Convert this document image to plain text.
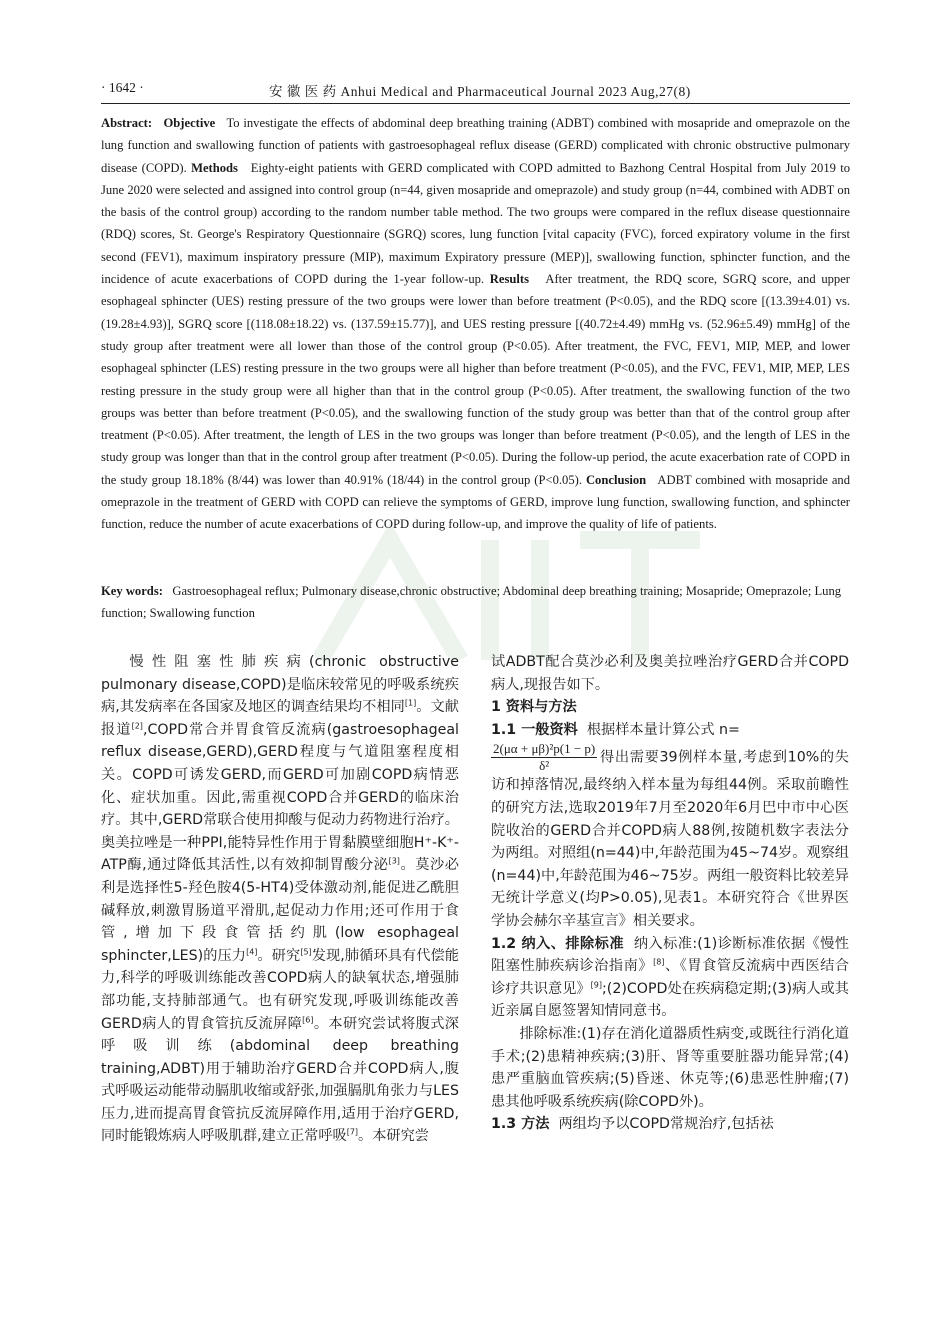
· 1642 ·	安 徽 医 药 Anhui Medical and Pharmaceutical Journal 2023 Aug,27(8)
Abstract: Objective To investigate the effects of abdominal deep breathing training (ADBT) combined with mosapride and omeprazole on the lung function and swallowing function of patients with gastroesophageal reflux disease (GERD) complicated with chronic obstructive pulmonary disease (COPD). Methods Eighty-eight patients with GERD complicated with COPD admitted to Bazhong Central Hospital from July 2019 to June 2020 were selected and assigned into control group (n=44, given mosapride and omeprazole) and study group (n=44, combined with ADBT on the basis of the control group) according to the random number table method. The two groups were compared in the reflux disease questionnaire (RDQ) scores, St. George's Respiratory Questionnaire (SGRQ) scores, lung function [vital capacity (FVC), forced expiratory volume in the first second (FEV1), maximum inspiratory pressure (MIP), maximum Expiratory pressure (MEP)], swallowing function, sphincter function, and the incidence of acute exacerbations of COPD during the 1-year follow-up. Results After treatment, the RDQ score, SGRQ score, and upper esophageal sphincter (UES) resting pressure of the two groups were lower than before treatment (P<0.05), and the RDQ score [(13.39±4.01) vs. (19.28±4.93)], SGRQ score [(118.08±18.22) vs. (137.59±15.77)], and UES resting pressure [(40.72±4.49) mmHg vs. (52.96±5.49) mmHg] of the study group after treatment were all lower than those of the control group (P<0.05). After treatment, the FVC, FEV1, MIP, MEP, and lower esophageal sphincter (LES) resting pressure in the two groups were all higher than before treatment (P<0.05), and the FVC, FEV1, MIP, MEP, LES resting pressure in the study group were all higher than that in the control group (P<0.05). After treatment, the swallowing function of the two groups was better than before treatment (P<0.05), and the swallowing function of the study group was better than that of the control group after treatment (P<0.05). After treatment, the length of LES in the two groups was longer than before treatment (P<0.05), and the length of LES in the study group was longer than that in the control group after treatment (P<0.05). During the follow-up period, the acute exacerbation rate of COPD in the study group 18.18% (8/44) was lower than 40.91% (18/44) in the control group (P<0.05). Conclusion ADBT combined with mosapride and omeprazole in the treatment of GERD with COPD can relieve the symptoms of GERD, improve lung function, swallowing function, and sphincter function, reduce the number of acute exacerbations of COPD during follow-up, and improve the quality of life of patients.
Key words: Gastroesophageal reflux; Pulmonary disease,chronic obstructive; Abdominal deep breathing training; Mosapride; Omeprazole; Lung function; Swallowing function

慢性阻塞性肺疾病(chronic obstructive pulmonary disease,COPD)是临床较常见的呼吸系统疾病,其发病率在各国家及地区的调查结果均不相同[1]。文献报道[2],COPD常合并胃食管反流病(gastroesophageal reflux disease,GERD),GERD程度与气道阻塞程度相关。COPD可诱发GERD,而GERD可加剧COPD病情恶化、症状加重。因此,需重视COPD合并GERD的临床治疗。其中,GERD常联合使用抑酸与促动力药物进行治疗。奥美拉唑是一种PPI,能特异性作用于胃黏膜壁细胞H⁺-K⁺-ATP酶,通过降低其活性,以有效抑制胃酸分泌[3]。莫沙必利是选择性5-羟色胺4(5-HT4)受体激动剂,能促进乙酰胆碱释放,刺激胃肠道平滑肌,起促动力作用;还可作用于食管,增加下段食管括约肌(low esophageal sphincter,LES)的压力[4]。研究[5]发现,肺循环具有代偿能力,科学的呼吸训练能改善COPD病人的缺氧状态,增强肺部功能,支持肺部通气。也有研究发现,呼吸训练能改善GERD病人的胃食管抗反流屏障[6]。本研究尝试将腹式深呼吸训练(abdominal deep breathing training,ADBT)用于辅助治疗GERD合并COPD病人,腹式呼吸运动能带动膈肌收缩或舒张,加强膈肌角张力与LES压力,进而提高胃食管抗反流屏障作用,适用于治疗GERD,同时能锻炼病人呼吸肌群,建立正常呼吸[7]。本研究尝

试ADBT配合莫沙必利及奥美拉唑治疗GERD合并COPD病人,现报告如下。

1 资料与方法

1.1 一般资料 根据样本量计算公式 n=

$\frac{\text{2(μα + μβ)²p(1 − p)}}{\text{δ²}}$ 得出需要39例样本量,考虑到10%的失访和掉落情况,最终纳入样本量为每组44例。采取前瞻性的研究方法,选取2019年7月至2020年6月巴中市中心医院收治的GERD合并COPD病人88例,按随机数字表法分为两组。对照组(n=44)中,年龄范围为45~74岁。观察组(n=44)中,年龄范围为46~75岁。两组一般资料比较差异无统计学意义(均P>0.05),见表1。本研究符合《世界医学协会赫尔辛基宣言》相关要求。

1.2 纳入、排除标准 纳入标准:(1)诊断标准依据《慢性阻塞性肺疾病诊治指南》[8]、《胃食管反流病中西医结合诊疗共识意见》[9];(2)COPD处在疾病稳定期;(3)病人或其近亲属自愿签署知情同意书。

排除标准:(1)存在消化道器质性病变,或既往行消化道手术;(2)患精神疾病;(3)肝、肾等重要脏器功能异常;(4)患严重脑血管疾病;(5)昏迷、休克等;(6)患恶性肿瘤;(7)患其他呼吸系统疾病(除COPD外)。

1.3 方法 两组均予以COPD常规治疗,包括祛
